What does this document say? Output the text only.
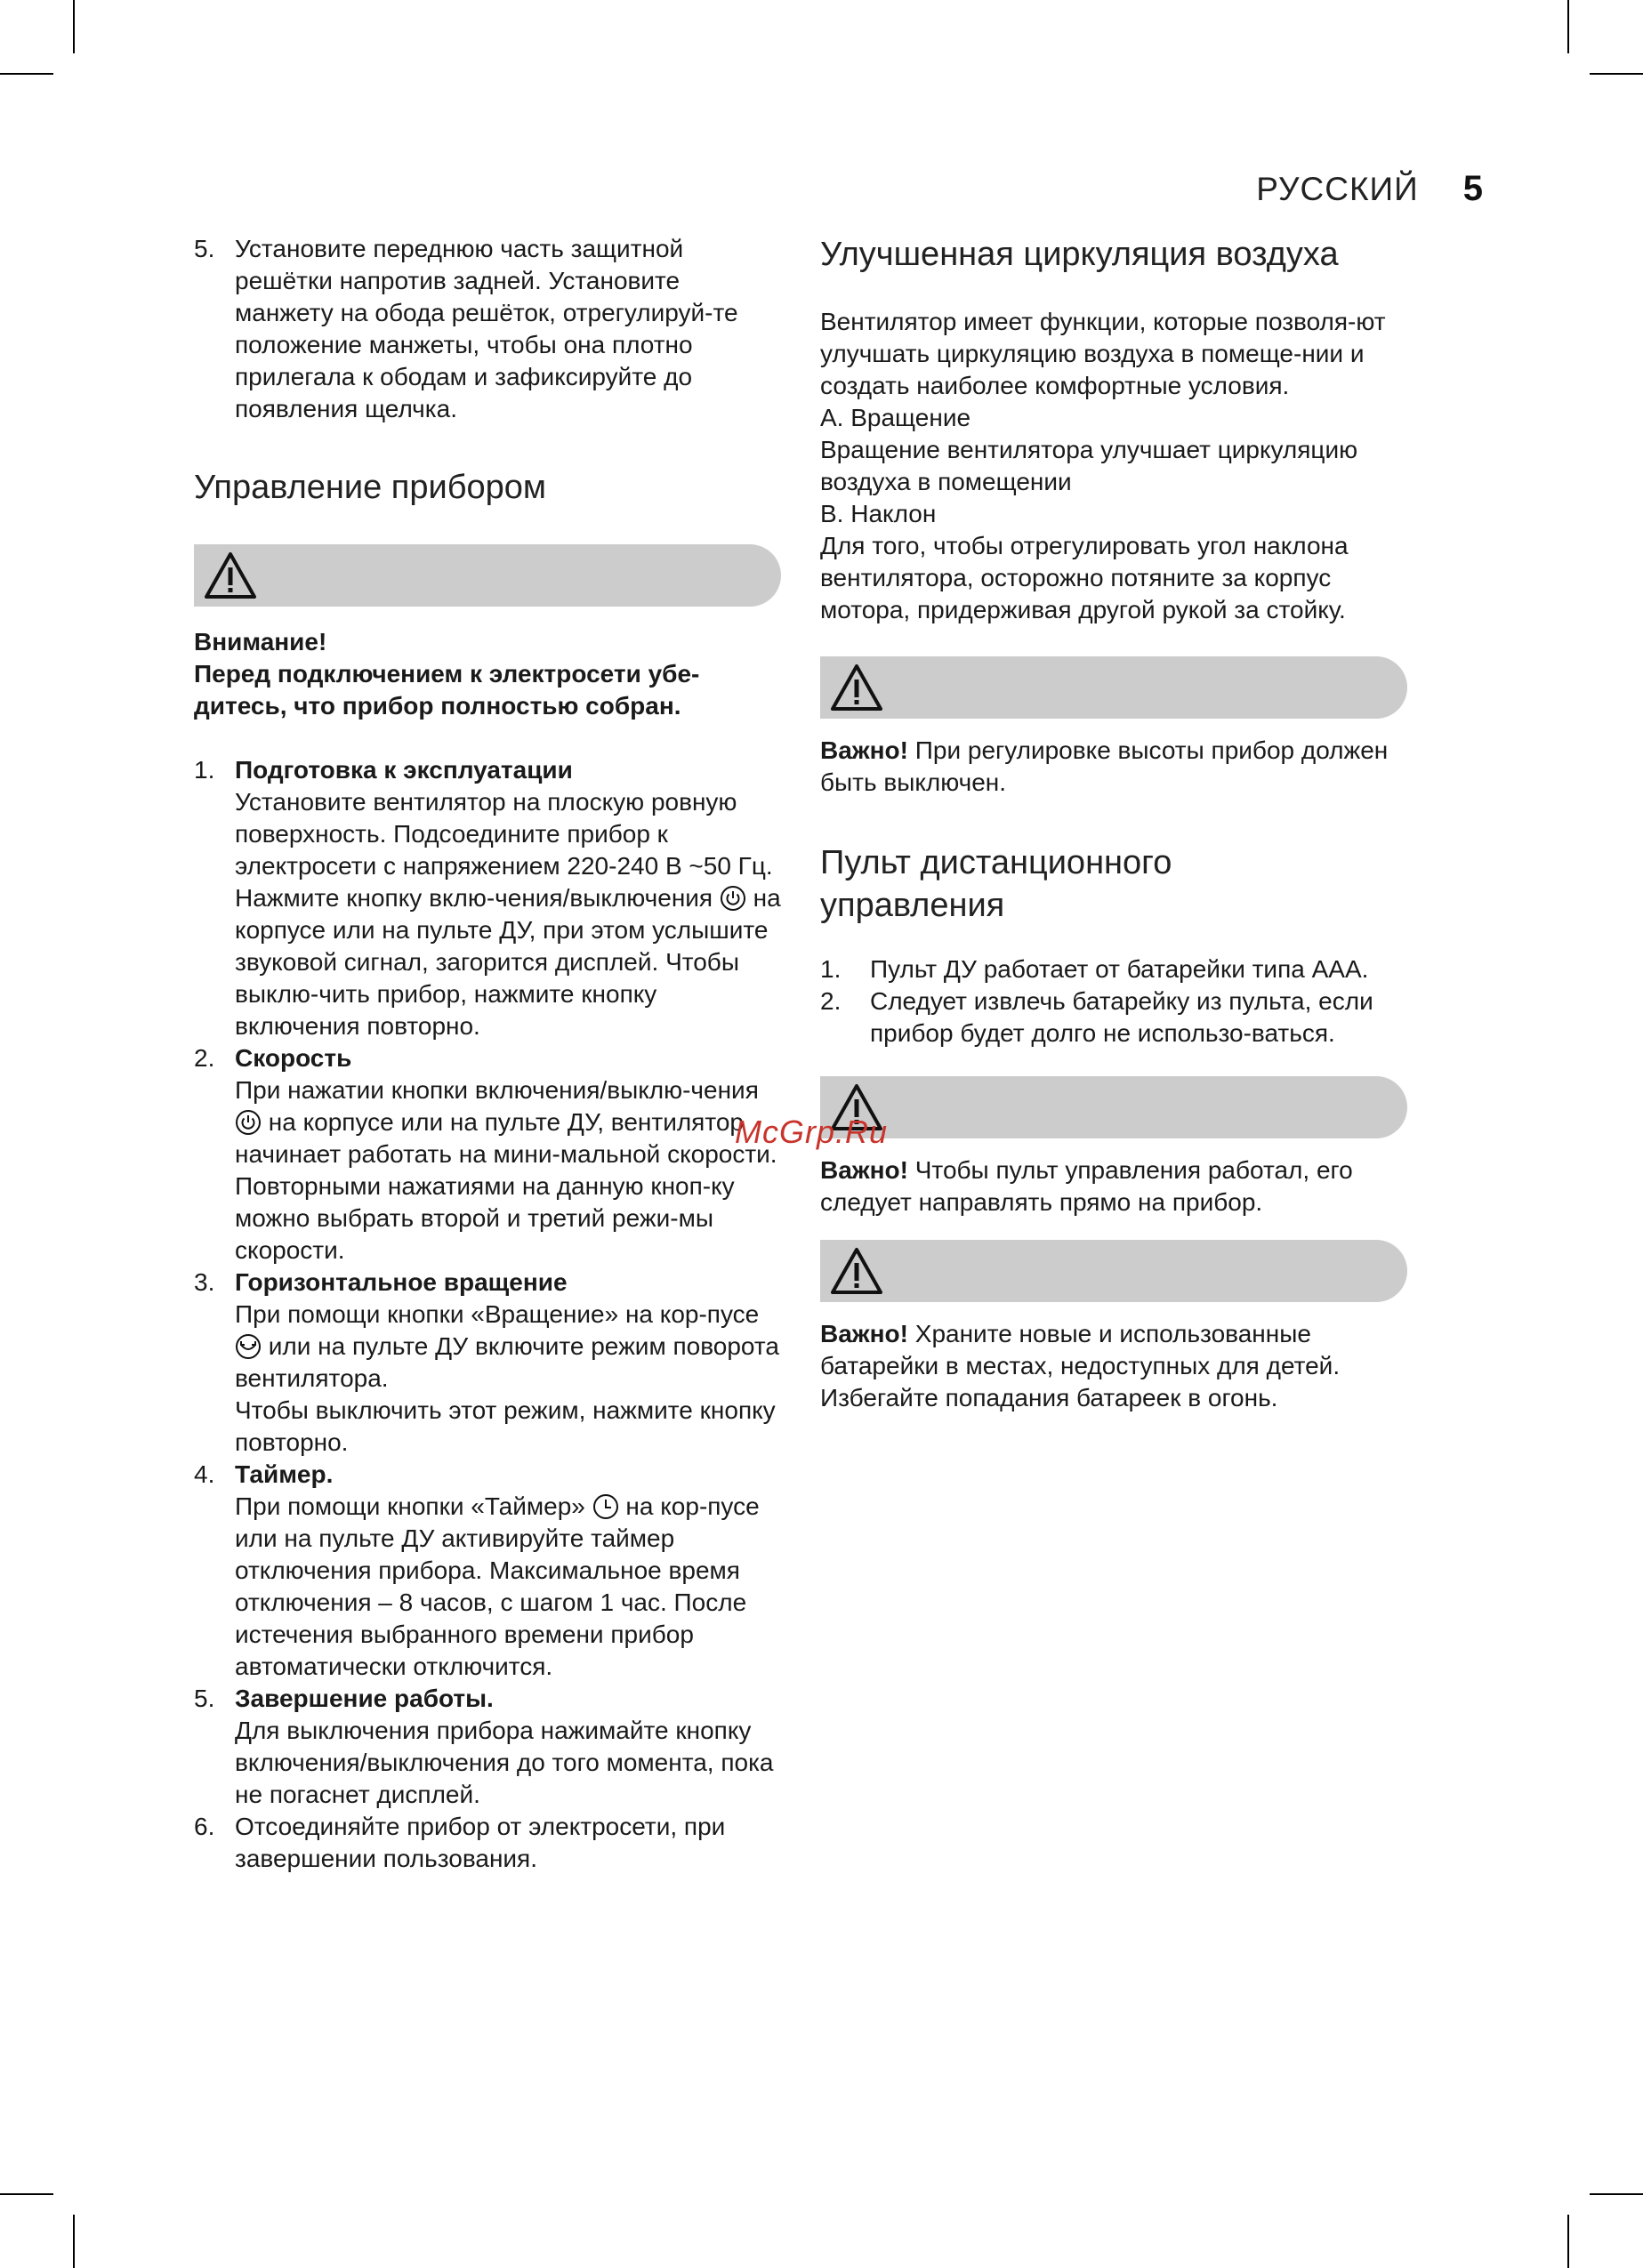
РУССКИЙ 5
5. Установите переднюю часть защитной решётки напротив задней. Установите манжету на обода решёток, отрегулируй-те положение манжеты, чтобы она плотно прилегала к ободам и зафиксируйте до появления щелчка.
Управление прибором

Внимание!

Перед подключением к электросети убе-дитесь, что прибор полностью собран.

1. Подготовка к эксплуатации
Установите вентилятор на плоскую ровную поверхность. Подсоедините прибор к электросети с напряжением 220-240 В ~50 Гц. Нажмите кнопку вклю-чения/выключения на корпусе или на пульте ДУ, при этом услышите звуковой сигнал, загорится дисплей. Чтобы выклю-чить прибор, нажмите кнопку включения повторно.
2. Скорость
При нажатии кнопки включения/выклю-чения  на корпусе или на пульте ДУ, вентилятор начинает работать на мини-мальной скорости.
Повторными нажатиями на данную кноп-ку можно выбрать второй и третий режи-мы скорости.
3. Горизонтальное вращение
При помощи кнопки «Вращение» на кор-пусе  или на пульте ДУ включите режим поворота вентилятора.
Чтобы выключить этот режим, нажмите кнопку повторно.
4. Таймер.
При помощи кнопки «Таймер» на кор-пусе или на пульте ДУ активируйте таймер отключения прибора. Максимальное время отключения – 8 часов, с шагом 1 час. После истечения выбранного времени прибор автоматически отключится.
5. Завершение работы.
Для выключения прибора нажимайте кнопку включения/выключения до того момента, пока не погаснет дисплей.
6. Отсоединяйте прибор от электросети, при завершении пользования.
Улучшенная циркуляция воздуха

Вентилятор имеет функции, которые позволя-ют улучшать циркуляцию воздуха в помеще-нии и создать наиболее комфортные условия.

А. Вращение

Вращение вентилятора улучшает циркуляцию воздуха в помещении

В. Наклон

Для того, чтобы отрегулировать угол наклона вентилятора, осторожно потяните за корпус мотора, придерживая другой рукой за стойку.

Важно! При регулировке высоты прибор должен быть выключен.

Пульт дистанционного
управления
1.	Пульт ДУ работает от батарейки типа ААА.
2.	Следует извлечь батарейку из пульта, если прибор будет долго не использо-ваться.

Важно! Чтобы пульт управления работал, его следует направлять прямо на прибор.

Важно! Храните новые и использованные батарейки в местах, недоступных для детей. Избегайте попадания батареек в огонь.

McGrp.Ru
